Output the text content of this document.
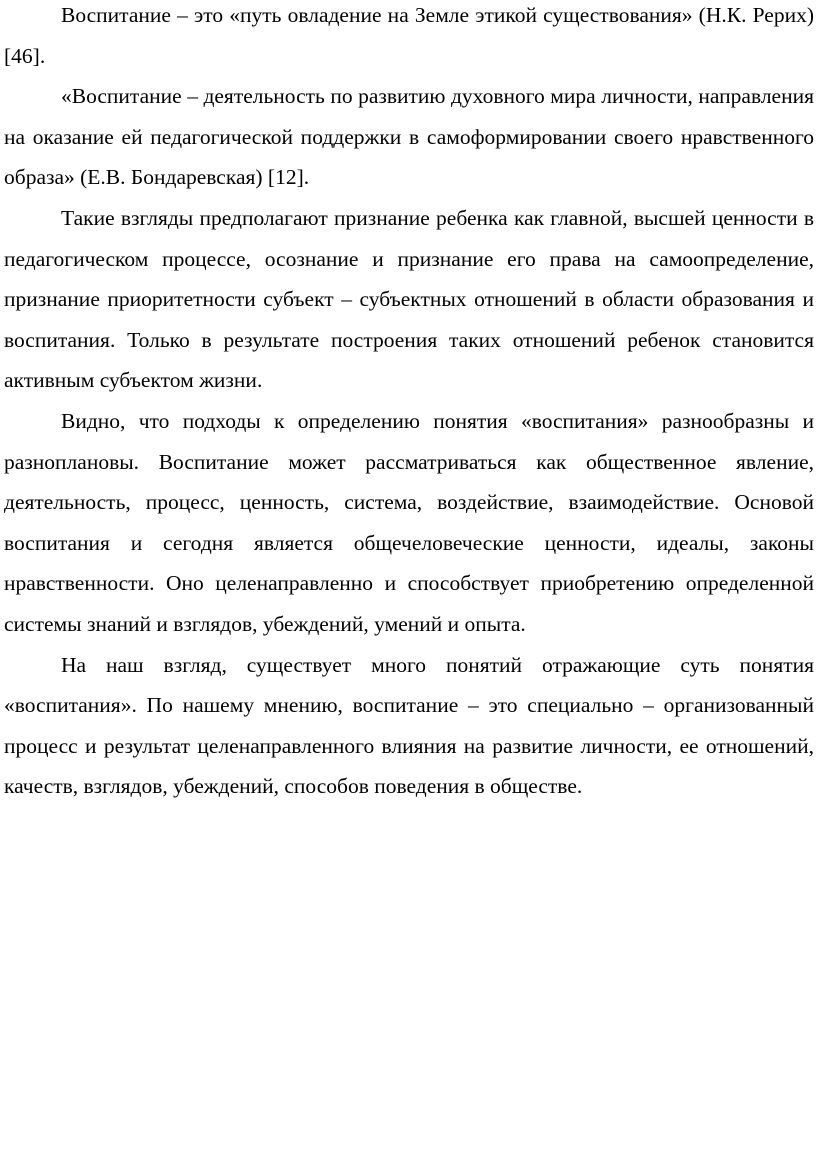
Воспитание – это «путь овладение на Земле этикой существования» (Н.К. Рерих) [46].

«Воспитание – деятельность по развитию духовного мира личности, направления на оказание ей педагогической поддержки в самоформировании своего нравственного образа» (Е.В. Бондаревская) [12].

Такие взгляды предполагают признание ребенка как главной, высшей ценности в педагогическом процессе, осознание и признание его права на самоопределение, признание приоритетности субъект – субъектных отношений в области образования и воспитания. Только в результате построения таких отношений ребенок становится активным субъектом жизни.

Видно, что подходы к определению понятия «воспитания» разнообразны и разноплановы. Воспитание может рассматриваться как общественное явление, деятельность, процесс, ценность, система, воздействие, взаимодействие. Основой воспитания и сегодня является общечеловеческие ценности, идеалы, законы нравственности. Оно целенаправленно и способствует приобретению определенной системы знаний и взглядов, убеждений, умений и опыта.

На наш взгляд, существует много понятий отражающие суть понятия «воспитания». По нашему мнению, воспитание – это специально – организованный процесс и результат целенаправленного влияния на развитие личности, ее отношений, качеств, взглядов, убеждений, способов поведения в обществе.
